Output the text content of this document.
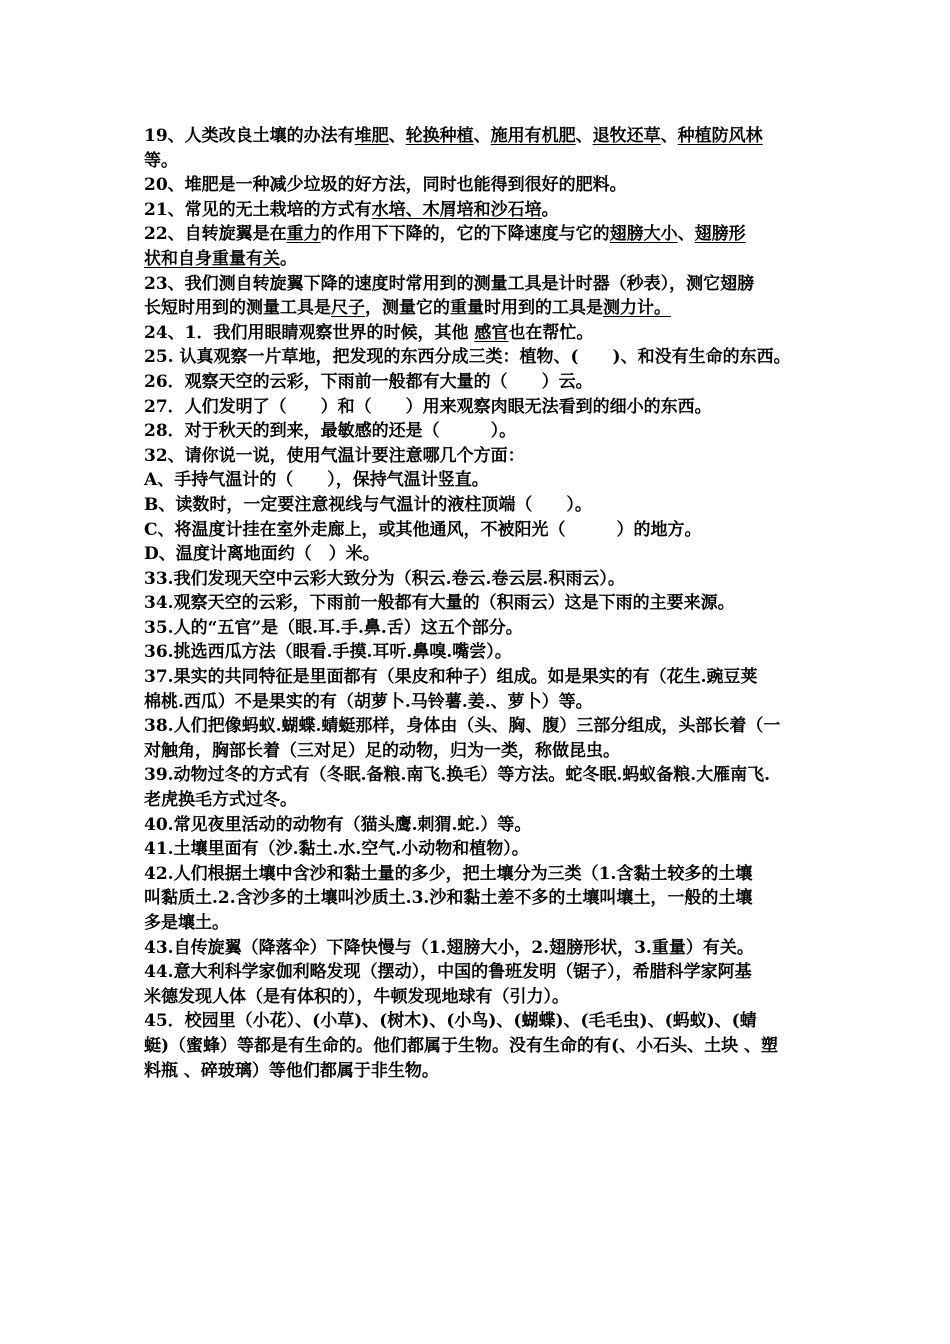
19、人类改良土壤的办法有堆肥、轮换种植、施用有机肥、退牧还草、种植防风林
等。
20、堆肥是一种减少垃圾的好方法，同时也能得到很好的肥料。
21、常见的无土栽培的方式有水培、木屑培和沙石培。
22、自转旋翼是在重力的作用下下降的，它的下降速度与它的翅膀大小、翅膀形
状和自身重量有关。
23、我们测自转旋翼下降的速度时常用到的测量工具是计时器（秒表），测它翅膀
长短时用到的测量工具是尺子，测量它的重量时用到的工具是测力计。
24、1．我们用眼睛观察世界的时候，其他 感官也在帮忙。
25. 认真观察一片草地，把发现的东西分成三类：植物、(　　)、和没有生命的东西。
26．观察天空的云彩，下雨前一般都有大量的（　　）云。
27．人们发明了（　　）和（　　）用来观察肉眼无法看到的细小的东西。
28．对于秋天的到来，最敏感的还是（　　　）。
32、请你说一说，使用气温计要注意哪几个方面：
A、手持气温计的（　　），保持气温计竖直。
B、读数时，一定要注意视线与气温计的液柱顶端（　　）。
C、将温度计挂在室外走廊上，或其他通风，不被阳光（　　　）的地方。
D、温度计离地面约（　）米。
33.我们发现天空中云彩大致分为（积云.卷云.卷云层.积雨云）。
34.观察天空的云彩，下雨前一般都有大量的（积雨云）这是下雨的主要来源。
35.人的“五官”是（眼.耳.手.鼻.舌）这五个部分。
36.挑选西瓜方法（眼看.手摸.耳听.鼻嗅.嘴尝）。
37.果实的共同特征是里面都有（果皮和种子）组成。如是果实的有（花生.豌豆荚
棉桃.西瓜）不是果实的有（胡萝卜.马铃薯.姜.、萝卜）等。
38.人们把像蚂蚁.蝴蝶.蜻蜓那样，身体由（头、胸、腹）三部分组成，头部长着（一
对触角，胸部长着（三对足）足的动物，归为一类，称做昆虫。
39.动物过冬的方式有（冬眠.备粮.南飞.换毛）等方法。蛇冬眠.蚂蚁备粮.大雁南飞.
老虎换毛方式过冬。
40.常见夜里活动的动物有（猫头鹰.刺猬.蛇.）等。
41.土壤里面有（沙.黏土.水.空气.小动物和植物）。
42.人们根据土壤中含沙和黏土量的多少，把土壤分为三类（1.含黏土较多的土壤
叫黏质土.2.含沙多的土壤叫沙质土.3.沙和黏土差不多的土壤叫壤土，一般的土壤
多是壤土。
43.自传旋翼（降落伞）下降快慢与（1.翅膀大小，2.翅膀形状，3.重量）有关。
44.意大利科学家伽利略发现（摆动），中国的鲁班发明（锯子），希腊科学家阿基
米德发现人体（是有体积的），牛顿发现地球有（引力）。
45．校园里（小花）、(小草)、(树木)、(小鸟)、(蝴蝶)、(毛毛虫)、(蚂蚁)、(蜻
蜓)（蜜蜂）等都是有生命的。他们都属于生物。没有生命的有(、小石头、土块 、塑
料瓶 、碎玻璃）等他们都属于非生物。
